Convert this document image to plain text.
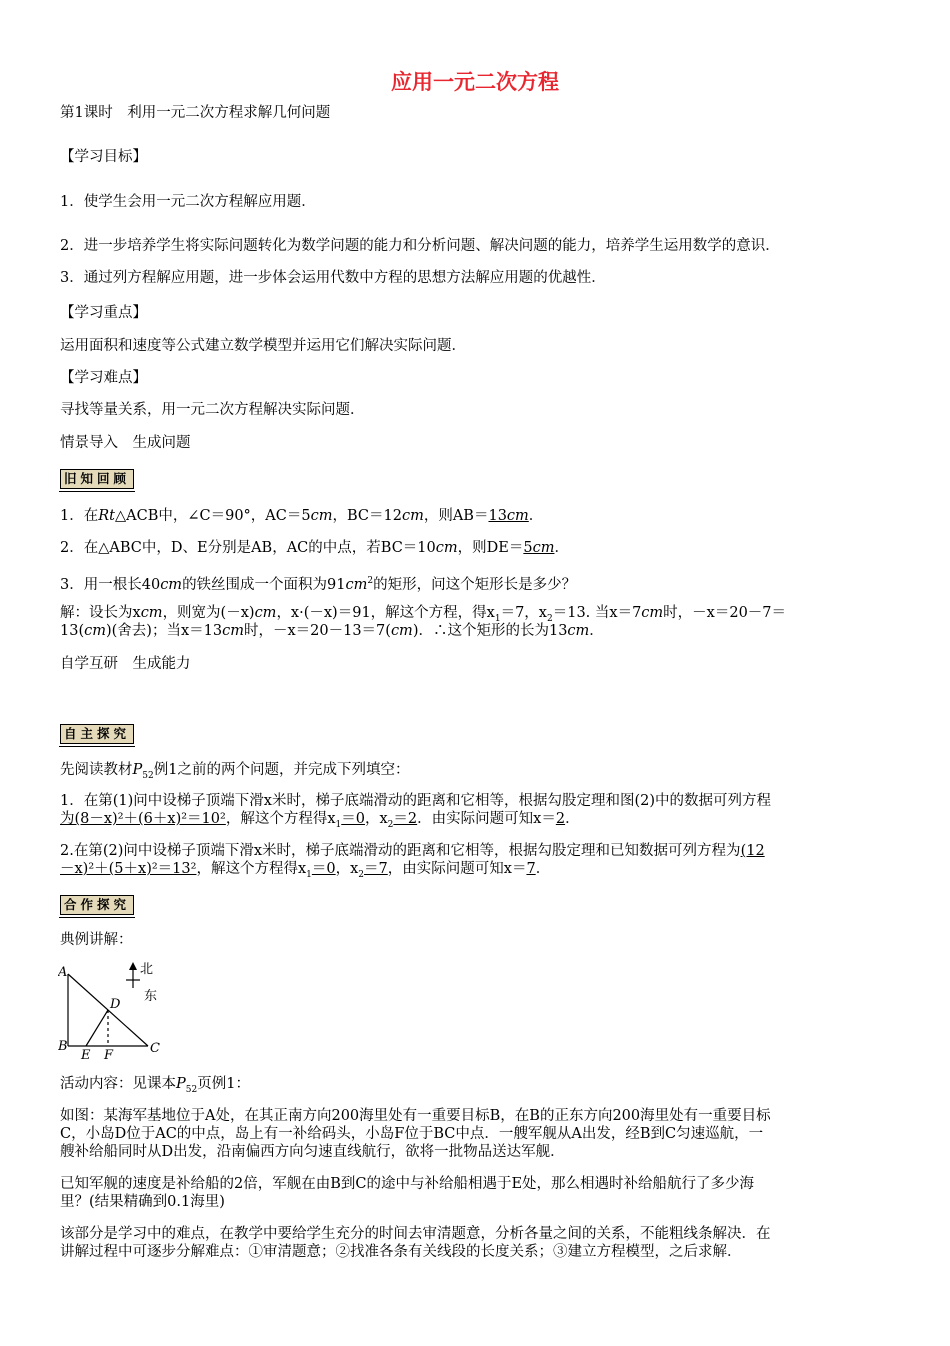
应用一元二次方程
第1课时　利用一元二次方程求解几何问题
【学习目标】
1．使学生会用一元二次方程解应用题．
2．进一步培养学生将实际问题转化为数学问题的能力和分析问题、解决问题的能力，培养学生运用数学的意识．
3．通过列方程解应用题，进一步体会运用代数中方程的思想方法解应用题的优越性．
【学习重点】
运用面积和速度等公式建立数学模型并运用它们解决实际问题．
【学习难点】
寻找等量关系，用一元二次方程解决实际问题．
情景导入　生成问题
旧知回顾
1．在Rt△ACB中，∠C＝90°，AC＝5cm，BC＝12cm，则AB＝13cm．
2．在△ABC中，D、E分别是AB，AC的中点，若BC＝10cm，则DE＝5cm．
3．用一根长40cm的铁丝围成一个面积为$91cm^2$的矩形，问这个矩形长是多少？
解：设长为xcm，则宽为(－x)cm，x·(－x)＝91，解这个方程，得$x_1=7$，$x_2=13$. 当x＝7cm时，－x＝20－7＝
13(cm)(舍去)；当x＝13cm时，－x＝20－13＝7(cm)．∴这个矩形的长为13cm．
自学互研　生成能力
自主探究
先阅读教材$P_{52}$例1之前的两个问题，并完成下列填空：
1．在第(1)问中设梯子顶端下滑x米时，梯子底端滑动的距离和它相等，根据勾股定理和图(2)中的数据可列方程
为(8－x)²＋(6＋x)²＝10²，解这个方程得$x_1=0$，$x_2=2$．由实际问题可知x＝2．
2.在第(2)问中设梯子顶端下滑x米时，梯子底端滑动的距离和它相等，根据勾股定理和已知数据可列方程为(12
－x)²＋(5＋x)²＝13²，解这个方程得$x_1=0$，$x_2=7$，由实际问题可知x＝7．
合作探究
典例讲解：
A
B	C
D
E F
北
东
活动内容：见课本$P_{52}$页例1：
如图：某海军基地位于A处，在其正南方向200海里处有一重要目标B，在B的正东方向200海里处有一重要目标
C，小岛D位于AC的中点，岛上有一补给码头，小岛F位于BC中点．一艘军舰从A出发，经B到C匀速巡航，一
艘补给船同时从D出发，沿南偏西方向匀速直线航行，欲将一批物品送达军舰．
已知军舰的速度是补给船的2倍，军舰在由B到C的途中与补给船相遇于E处，那么相遇时补给船航行了多少海
里？(结果精确到0.1海里)
该部分是学习中的难点，在教学中要给学生充分的时间去审清题意，分析各量之间的关系，不能粗线条解决．在
讲解过程中可逐步分解难点：①审清题意；②找准各条有关线段的长度关系；③建立方程模型，之后求解．
